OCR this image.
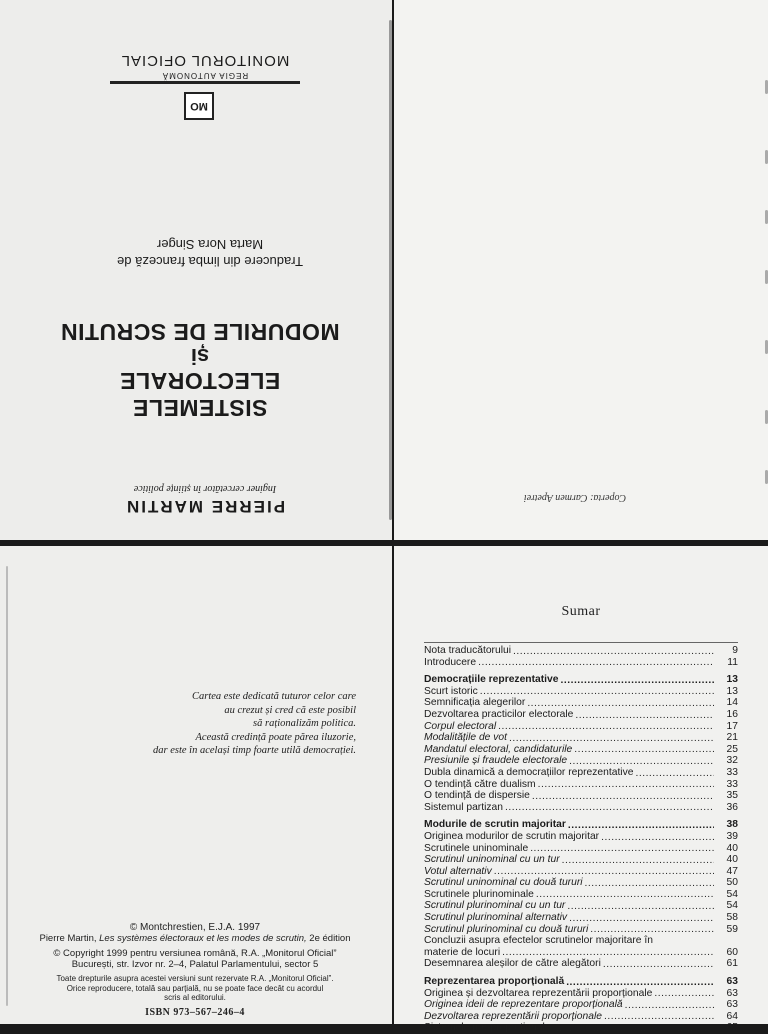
PIERRE MARTIN
Inginer cercetător în științe politice
SISTEMELE ELECTORALE
și
MODURILE DE SCRUTIN
Traducere din limba franceză de
Marta Nora Singer
MO
REGIA AUTONOMĂ
MONITORUL OFICIAL
Coperta: Carmen Apetrei
Cartea este dedicată tuturor celor care
au crezut și cred că este posibil
să raționalizăm politica.
Această credință poate părea iluzorie,
dar este în același timp foarte utilă democrației.
© Montchrestien, E.J.A. 1997
Pierre Martin, Les systèmes électoraux et les modes de scrutin, 2e édition
© Copyright 1999 pentru versiunea română, R.A. „Monitorul Oficial”
București, str. Izvor nr. 2–4, Palatul Parlamentului, sector 5
Toate drepturile asupra acestei versiuni sunt rezervate R.A. „Monitorul Oficial”.
Orice reproducere, totală sau parțială, nu se poate face decât cu acordul
scris al editorului.
ISBN 973–567–246–4
Sumar
Nota traducătorului .....	9
Introducere .....	11
Democrațiile reprezentative .....	13
Scurt istoric .....	13
Semnificația alegerilor .....	14
Dezvoltarea practicilor electorale .....	16
Corpul electoral .....	17
Modalitățile de vot .....	21
Mandatul electoral, candidaturile .....	25
Presiunile și fraudele electorale .....	32
Dubla dinamică a democrațiilor reprezentative .....	33
O tendință către dualism .....	33
O tendință de dispersie .....	35
Sistemul partizan .....	36
Modurile de scrutin majoritar .....	38
Originea modurilor de scrutin majoritar .....	39
Scrutinele uninominale .....	40
Scrutinul uninominal cu un tur .....	40
Votul alternativ .....	47
Scrutinul uninominal cu două tururi .....	50
Scrutinele plurinominale .....	54
Scrutinul plurinominal cu un tur .....	54
Scrutinul plurinominal alternativ .....	58
Scrutinul plurinominal cu două tururi .....	59
Concluzii asupra efectelor scrutinelor majoritare în
materie de locuri .....	60
Desemnarea aleșilor de către alegători .....	61
Reprezentarea proporțională .....	63
Originea și dezvoltarea reprezentării proporționale .....	63
Originea ideii de reprezentare proporțională .....	63
Dezvoltarea reprezentării proporționale .....	64
Sistemele pre-proporționale .....	65
